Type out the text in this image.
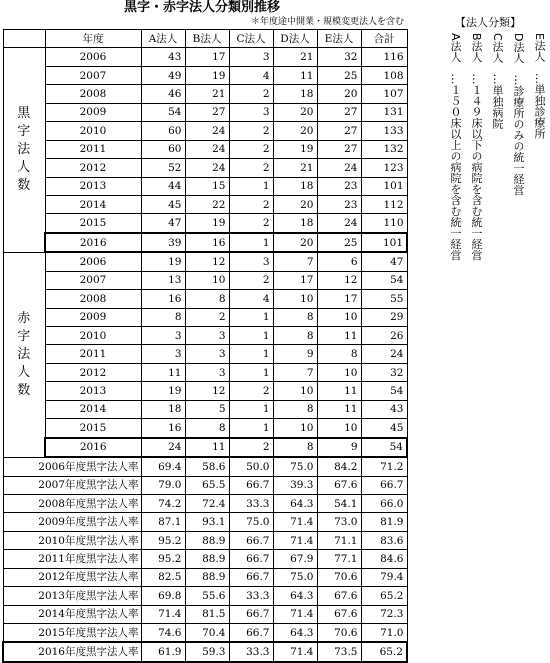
黒字・赤字法人分類別推移
＊年度途中開業・規模変更法人を含む
	年度	A法人	B法人	C法人	D法人	E法人	合計
黒字法人数	2006	43	17	3	21	32	116
	2007	49	19	4	11	25	108
	2008	46	21	2	18	20	107
	2009	54	27	3	20	27	131
	2010	60	24	2	20	27	133
	2011	60	24	2	19	27	132
	2012	52	24	2	21	24	123
	2013	44	15	1	18	23	101
	2014	45	22	2	20	23	112
	2015	47	19	2	18	24	110
	2016	39	16	1	20	25	101
赤字法人数	2006	19	12	3	7	6	47
	2007	13	10	2	17	12	54
	2008	16	8	4	10	17	55
	2009	8	2	1	8	10	29
	2010	3	3	1	8	11	26
	2011	3	3	1	9	8	24
	2012	11	3	1	7	10	32
	2013	19	12	2	10	11	54
	2014	18	5	1	8	11	43
	2015	16	8	1	10	10	45
	2016	24	11	2	8	9	54
2006年度黒字法人率		69.4	58.6	50.0	75.0	84.2	71.2
2007年度黒字法人率		79.0	65.5	66.7	39.3	67.6	66.7
2008年度黒字法人率		74.2	72.4	33.3	64.3	54.1	66.0
2009年度黒字法人率		87.1	93.1	75.0	71.4	73.0	81.9
2010年度黒字法人率		95.2	88.9	66.7	71.4	71.1	83.6
2011年度黒字法人率		95.2	88.9	66.7	67.9	77.1	84.6
2012年度黒字法人率		82.5	88.9	66.7	75.0	70.6	79.4
2013年度黒字法人率		69.8	55.6	33.3	64.3	67.6	65.2
2014年度黒字法人率		71.4	81.5	66.7	71.4	67.6	72.3
2015年度黒字法人率		74.6	70.4	66.7	64.3	70.6	71.0
2016年度黒字法人率		61.9	59.3	33.3	71.4	73.5	65.2
【法人分類】
E法人　…単独診療所
D法人　…診療所のみの統一経営
C法人　…単独病院
B法人　…１４９床以下の病院を含む統一経営
A法人　…１５０床以上の病院を含む統一経営
